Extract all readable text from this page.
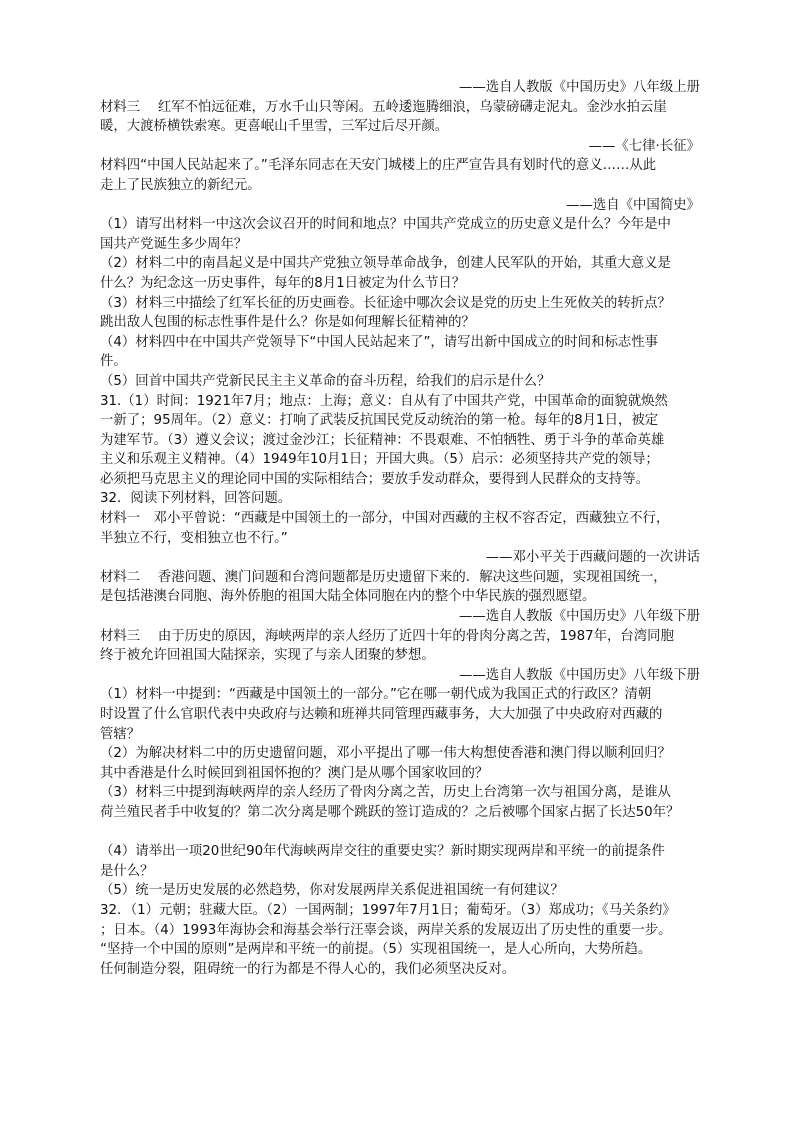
——选自人教版《中国历史》八年级上册
材料三　 红军不怕远征难，万水千山只等闲。五岭逶迤腾细浪，乌蒙磅礴走泥丸。金沙水拍云崖
暖，大渡桥横铁索寒。更喜岷山千里雪，三军过后尽开颜。
——《七律·长征》
材料四“中国人民站起来了。”毛泽东同志在天安门城楼上的庄严宣告具有划时代的意义……从此
走上了民族独立的新纪元。
——选自《中国简史》
（1）请写出材料一中这次会议召开的时间和地点？中国共产党成立的历史意义是什么？今年是中
国共产党诞生多少周年？
（2）材料二中的南昌起义是中国共产党独立领导革命战争，创建人民军队的开始，其重大意义是
什么？为纪念这一历史事件，每年的8月1日被定为什么节日？
（3）材料三中描绘了红军长征的历史画卷。长征途中哪次会议是党的历史上生死攸关的转折点？
跳出敌人包围的标志性事件是什么？你是如何理解长征精神的？
（4）材料四中在中国共产党领导下“中国人民站起来了”，请写出新中国成立的时间和标志性事
件。
（5）回首中国共产党新民民主主义革命的奋斗历程，给我们的启示是什么？
31.（1）时间：1921年7月；地点：上海；意义：自从有了中国共产党，中国革命的面貌就焕然
一新了；95周年。（2）意义：打响了武装反抗国民党反动统治的第一枪。每年的8月1日，被定
为建军节。（3）遵义会议；渡过金沙江；长征精神：不畏艰难、不怕牺牲、勇于斗争的革命英雄
主义和乐观主义精神。（4）1949年10月1日；开国大典。（5）启示：必须坚持共产党的领导；
必须把马克思主义的理论同中国的实际相结合；要放手发动群众，要得到人民群众的支持等。
32．阅读下列材料，回答问题。
材料一　邓小平曾说：“西藏是中国领土的一部分，中国对西藏的主权不容否定，西藏独立不行，
半独立不行，变相独立也不行。”
——邓小平关于西藏问题的一次讲话
材料二　 香港问题、澳门问题和台湾问题都是历史遗留下来的．解决这些问题，实现祖国统一，
是包括港澳台同胞、海外侨胞的祖国大陆全体同胞在内的整个中华民族的强烈愿望。
——选自人教版《中国历史》八年级下册
材料三　 由于历史的原因，海峡两岸的亲人经历了近四十年的骨肉分离之苦，1987年，台湾同胞
终于被允许回祖国大陆探亲，实现了与亲人团聚的梦想。
——选自人教版《中国历史》八年级下册
（1）材料一中提到：“西藏是中国领土的一部分。”它在哪一朝代成为我国正式的行政区？清朝
时设置了什么官职代表中央政府与达赖和班禅共同管理西藏事务，大大加强了中央政府对西藏的
管辖？
（2）为解决材料二中的历史遗留问题，邓小平提出了哪一伟大构想使香港和澳门得以顺利回归？
其中香港是什么时候回到祖国怀抱的？澳门是从哪个国家收回的？
（3）材料三中提到海峡两岸的亲人经历了骨肉分离之苦，历史上台湾第一次与祖国分离，是谁从
荷兰殖民者手中收复的？第二次分离是哪个跳跃的签订造成的？之后被哪个国家占据了长达50年？
（4）请举出一项20世纪90年代海峡两岸交往的重要史实？新时期实现两岸和平统一的前提条件
是什么？
（5）统一是历史发展的必然趋势，你对发展两岸关系促进祖国统一有何建议？
32．（1）元朝；驻藏大臣。（2）一国两制；1997年7月1日；葡萄牙。（3）郑成功；《马关条约》
；日本。（4）1993年海协会和海基会举行汪辜会谈，两岸关系的发展迈出了历史性的重要一步。
“坚持一个中国的原则”是两岸和平统一的前提。（5）实现祖国统一，是人心所向，大势所趋。
任何制造分裂，阻碍统一的行为都是不得人心的，我们必须坚决反对。
